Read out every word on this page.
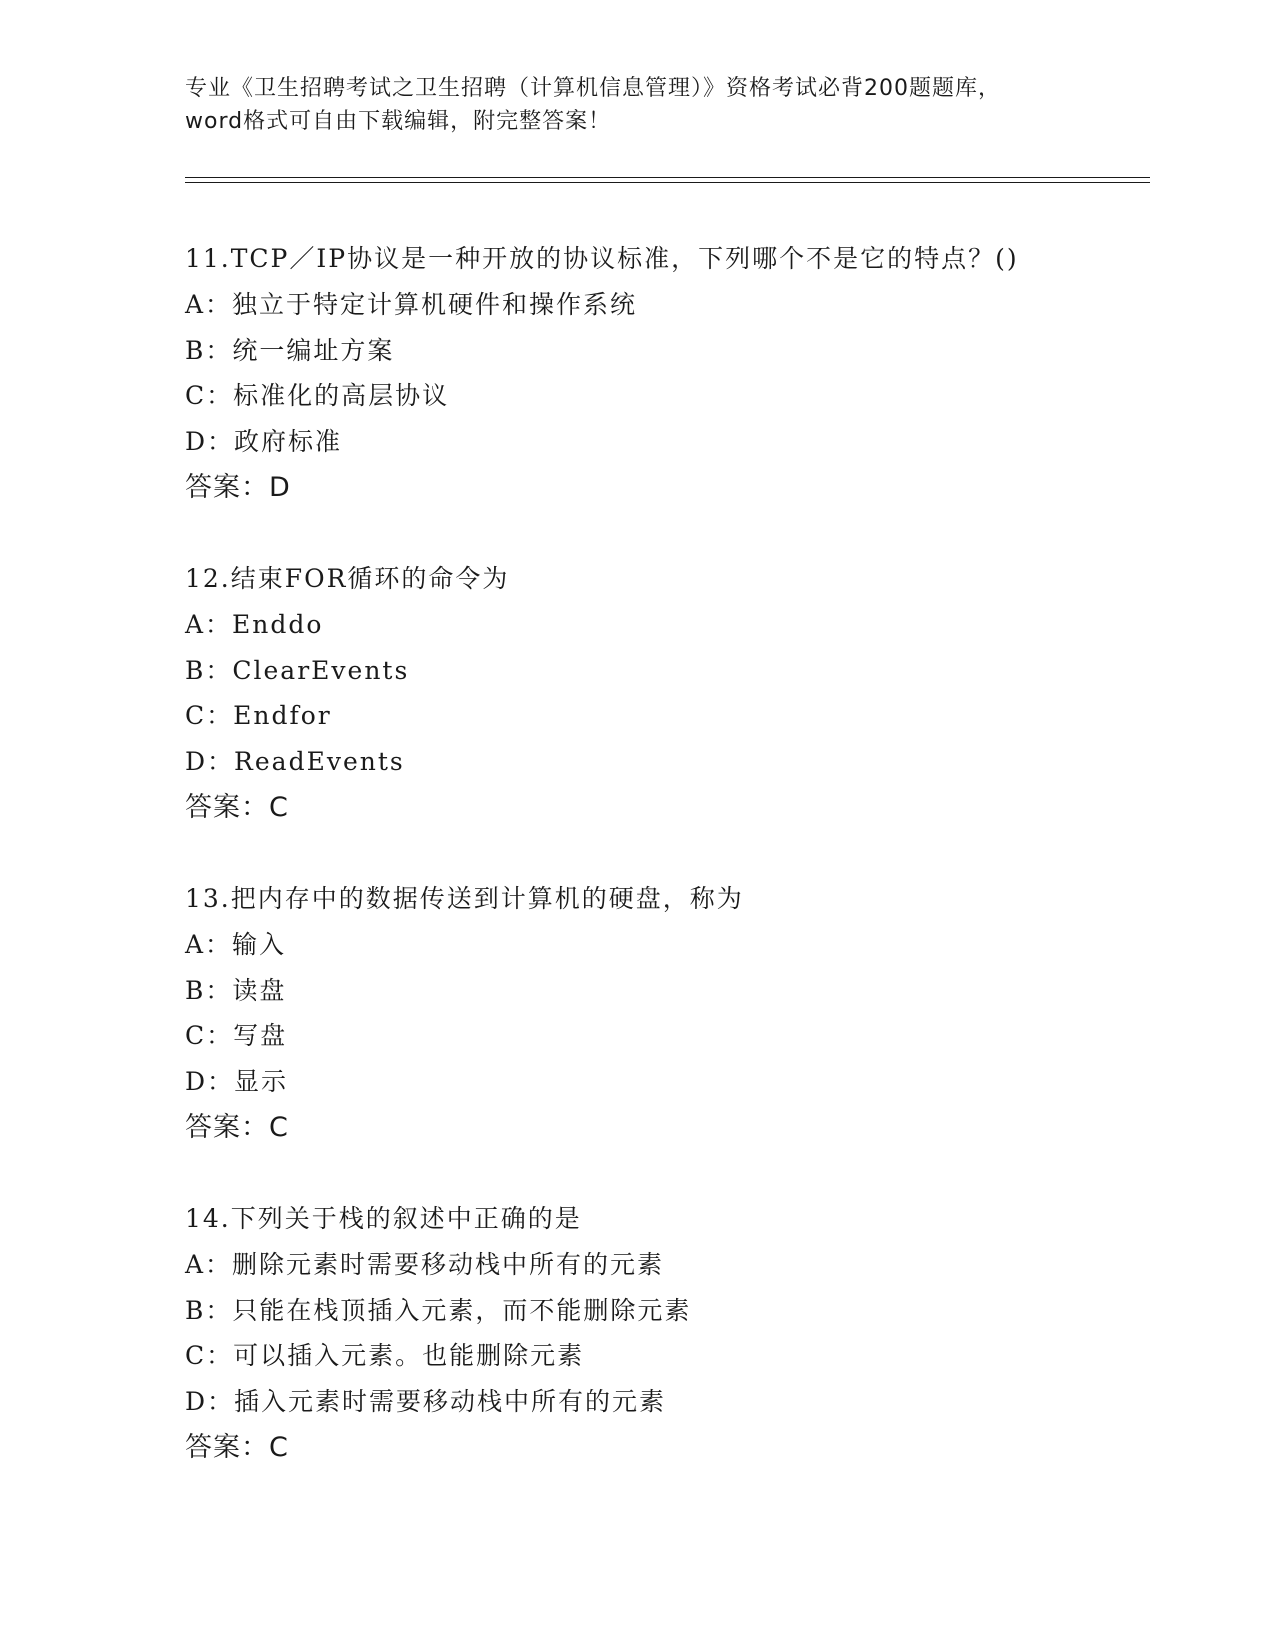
专业《卫生招聘考试之卫生招聘（计算机信息管理）》资格考试必背200题题库，

word格式可自由下载编辑，附完整答案！

11.TCP／IP协议是一种开放的协议标准，下列哪个不是它的特点？()
A：独立于特定计算机硬件和操作系统
B：统一编址方案
C：标准化的高层协议
D：政府标准
答案：D
12.结束FOR循环的命令为
A：Enddo
B：ClearEvents
C：Endfor
D：ReadEvents
答案：C
13.把内存中的数据传送到计算机的硬盘，称为
A：输入
B：读盘
C：写盘
D：显示
答案：C
14.下列关于栈的叙述中正确的是
A：删除元素时需要移动栈中所有的元素
B：只能在栈顶插入元素，而不能删除元素
C：可以插入元素。也能删除元素
D：插入元素时需要移动栈中所有的元素
答案：C
